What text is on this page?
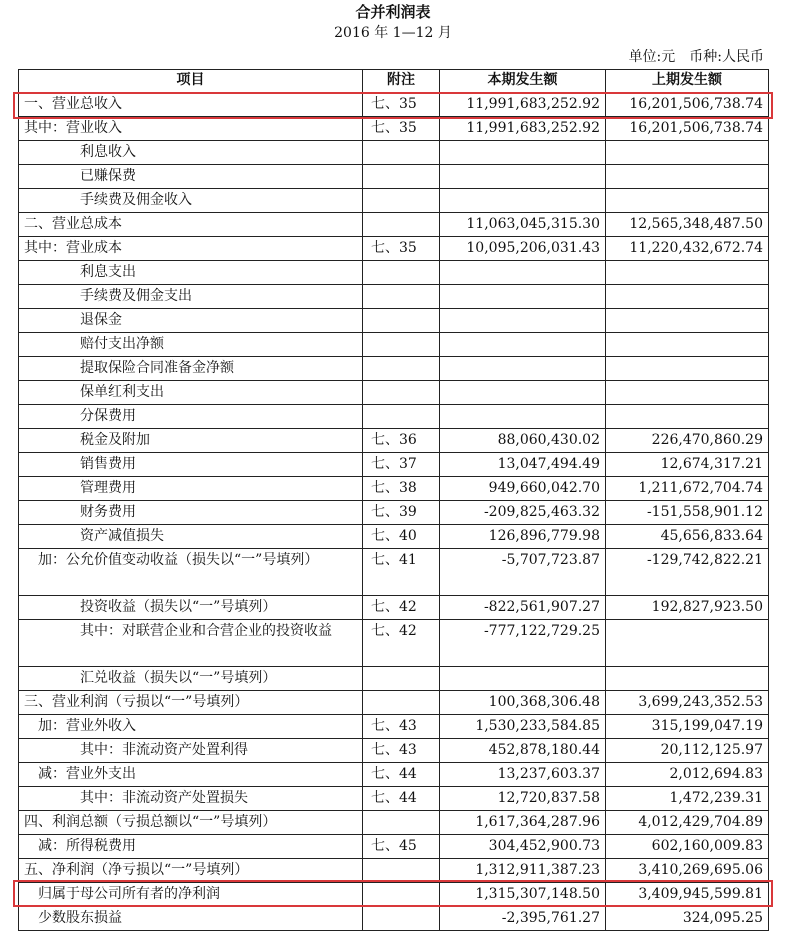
合并利润表
2016 年 1—12 月
单位:元 币种:人民币
项目	附注	本期发生额	上期发生额
一、营业总收入	七、35	11,991,683,252.92	16,201,506,738.74
其中：营业收入	七、35	11,991,683,252.92	16,201,506,738.74
利息收入			
已赚保费			
手续费及佣金收入			
二、营业总成本		11,063,045,315.30	12,565,348,487.50
其中：营业成本	七、35	10,095,206,031.43	11,220,432,672.74
利息支出			
手续费及佣金支出			
退保金			
赔付支出净额			
提取保险合同准备金净额			
保单红利支出			
分保费用			
税金及附加	七、36	88,060,430.02	226,470,860.29
销售费用	七、37	13,047,494.49	12,674,317.21
管理费用	七、38	949,660,042.70	1,211,672,704.74
财务费用	七、39	-209,825,463.32	-151,558,901.12
资产减值损失	七、40	126,896,779.98	45,656,833.64
加：公允价值变动收益（损失以“一”号填列）	七、41	-5,707,723.87	-129,742,822.21
投资收益（损失以“一”号填列）	七、42	-822,561,907.27	192,827,923.50
其中：对联营企业和合营企业的投资收益	七、42	-777,122,729.25	
汇兑收益（损失以“一”号填列）			
三、营业利润（亏损以“一”号填列）		100,368,306.48	3,699,243,352.53
加：营业外收入	七、43	1,530,233,584.85	315,199,047.19
其中：非流动资产处置利得	七、43	452,878,180.44	20,112,125.97
减：营业外支出	七、44	13,237,603.37	2,012,694.83
其中：非流动资产处置损失	七、44	12,720,837.58	1,472,239.31
四、利润总额（亏损总额以“一”号填列）		1,617,364,287.96	4,012,429,704.89
减：所得税费用	七、45	304,452,900.73	602,160,009.83
五、净利润（净亏损以“一”号填列）		1,312,911,387.23	3,410,269,695.06
归属于母公司所有者的净利润		1,315,307,148.50	3,409,945,599.81
少数股东损益		-2,395,761.27	324,095.25
